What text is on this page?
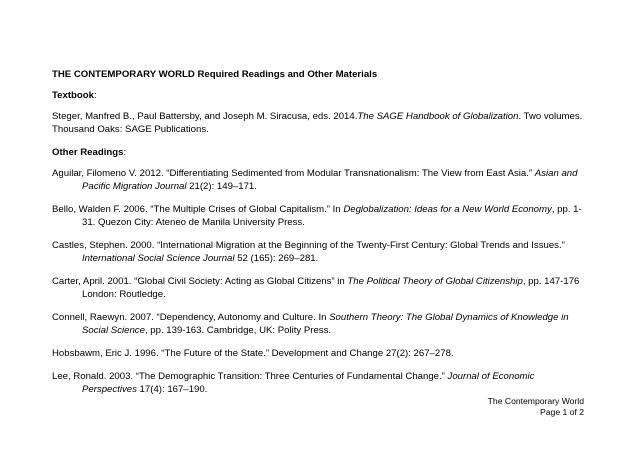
THE CONTEMPORARY WORLD Required Readings and Other Materials
Textbook:
Steger, Manfred B., Paul Battersby, and Joseph M. Siracusa, eds. 2014.The SAGE Handbook of Globalization. Two volumes. Thousand Oaks: SAGE Publications.
Other Readings:
Aguilar, Filomeno V. 2012. “Differentiating Sedimented from Modular Transnationalism: The View from East Asia.” Asian and Pacific Migration Journal 21(2): 149–171.
Bello, Walden F. 2006. “The Multiple Crises of Global Capitalism.” In Deglobalization: Ideas for a New World Economy, pp. 1-31. Quezon City: Ateneo de Manila University Press.
Castles, Stephen. 2000. “International Migration at the Beginning of the Twenty-First Century: Global Trends and Issues.” International Social Science Journal 52 (165): 269–281.
Carter, April. 2001. “Global Civil Society: Acting as Global Citizens” in The Political Theory of Global Citizenship, pp. 147-176 London: Routledge.
Connell, Raewyn. 2007. “Dependency, Autonomy and Culture. In Southern Theory: The Global Dynamics of Knowledge in Social Science, pp. 139-163. Cambridge, UK: Polity Press.
Hobsbawm, Eric J. 1996. “The Future of the State.” Development and Change 27(2): 267–278.
Lee, Ronald. 2003. “The Demographic Transition: Three Centuries of Fundamental Change.” Journal of Economic Perspectives 17(4): 167–190.
The Contemporary World
Page 1 of 2
